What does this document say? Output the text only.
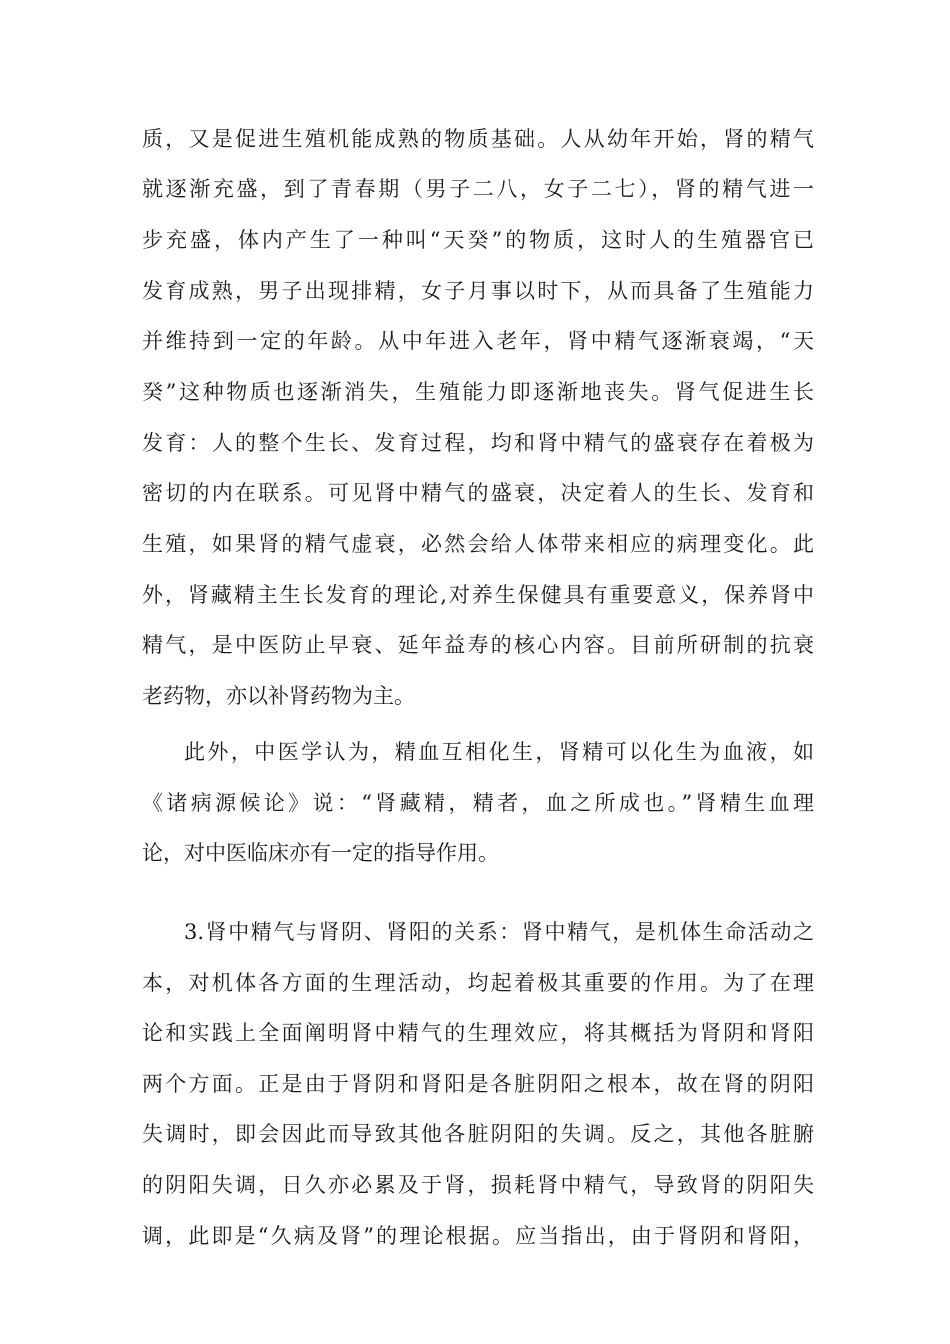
质，又是促进生殖机能成熟的物质基础。人从幼年开始，肾的精气
就逐渐充盛，到了青春期（男子二八，女子二七），肾的精气进一
步充盛，体内产生了一种叫“天癸”的物质，这时人的生殖器官已
发育成熟，男子出现排精，女子月事以时下，从而具备了生殖能力
并维持到一定的年龄。从中年进入老年，肾中精气逐渐衰竭，“天
癸”这种物质也逐渐消失，生殖能力即逐渐地丧失。肾气促进生长
发育：人的整个生长、发育过程，均和肾中精气的盛衰存在着极为
密切的内在联系。可见肾中精气的盛衰，决定着人的生长、发育和
生殖，如果肾的精气虚衰，必然会给人体带来相应的病理变化。此
外，肾藏精主生长发育的理论,对养生保健具有重要意义，保养肾中
精气，是中医防止早衰、延年益寿的核心内容。目前所研制的抗衰
老药物，亦以补肾药物为主。
此外，中医学认为，精血互相化生，肾精可以化生为血液，如
《诸病源候论》说：“肾藏精，精者，血之所成也。”肾精生血理
论，对中医临床亦有一定的指导作用。
3.肾中精气与肾阴、肾阳的关系：肾中精气，是机体生命活动之
本，对机体各方面的生理活动，均起着极其重要的作用。为了在理
论和实践上全面阐明肾中精气的生理效应，将其概括为肾阴和肾阳
两个方面。正是由于肾阴和肾阳是各脏阴阳之根本，故在肾的阴阳
失调时，即会因此而导致其他各脏阴阳的失调。反之，其他各脏腑
的阴阳失调，日久亦必累及于肾，损耗肾中精气，导致肾的阴阳失
调，此即是“久病及肾”的理论根据。应当指出，由于肾阴和肾阳，
